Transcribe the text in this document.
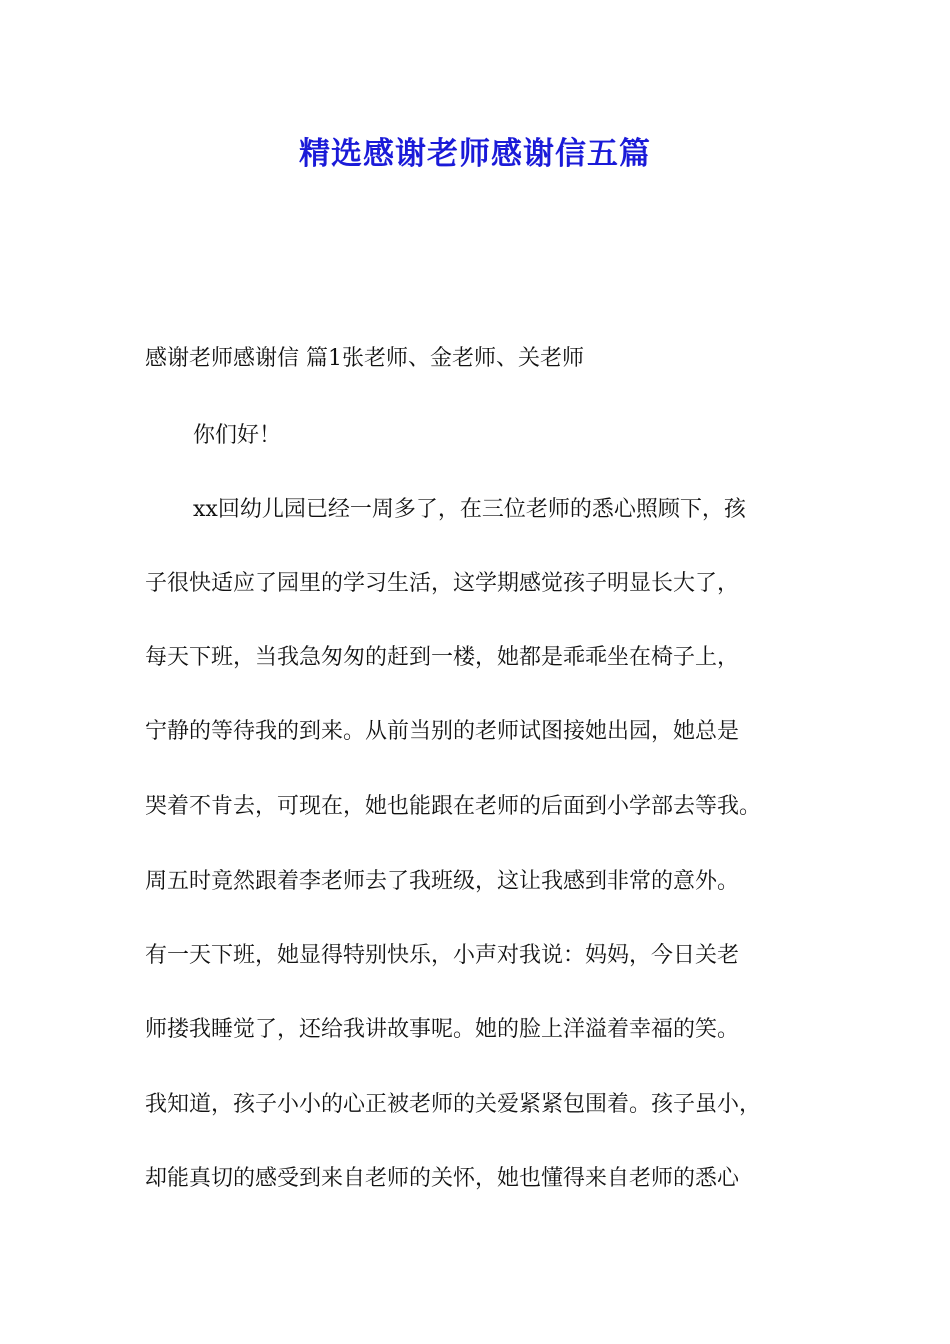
精选感谢老师感谢信五篇

感谢老师感谢信 篇1张老师、金老师、关老师

你们好！

xx回幼儿园已经一周多了，在三位老师的悉心照顾下，孩

子很快适应了园里的学习生活，这学期感觉孩子明显长大了，

每天下班，当我急匆匆的赶到一楼，她都是乖乖坐在椅子上，

宁静的等待我的到来。从前当别的老师试图接她出园，她总是

哭着不肯去，可现在，她也能跟在老师的后面到小学部去等我。

周五时竟然跟着李老师去了我班级，这让我感到非常的意外。

有一天下班，她显得特别快乐，小声对我说：妈妈，今日关老

师搂我睡觉了，还给我讲故事呢。她的脸上洋溢着幸福的笑。

我知道，孩子小小的心正被老师的关爱紧紧包围着。孩子虽小，

却能真切的感受到来自老师的关怀，她也懂得来自老师的悉心
